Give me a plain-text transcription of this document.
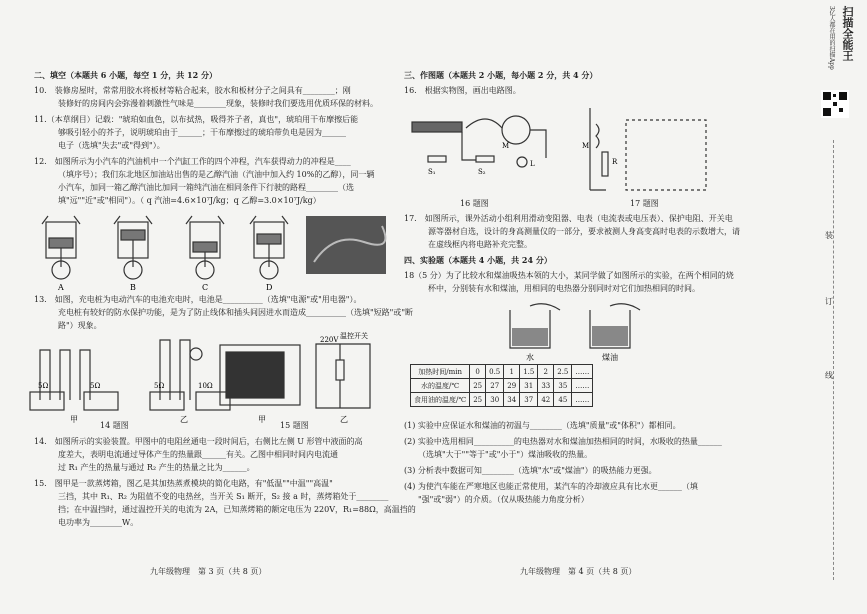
二、填空（本题共 6 小题，每空 1 分，共 12 分）
10.　装修房屋时，常常用胶水将板材等粘合起来，胶水和板材分子之间具有________；刚
装修好的房间内会弥漫着刺激性气味是________现象，装修时我们要选用优质环保的材料。
11.（本草纲目）记载："琥珀如血色，以布拭热，吸得芥子者，真也"，琥珀用干布摩擦后能
够吸引轻小的芥子，说明琥珀由于______；干布摩擦过的琥珀带负电是因为______
电子（选填"失去"或"得到"）。
12.　如图所示为小汽车的汽油机中一个汽缸工作的四个冲程，汽车获得动力的冲程是____
（填序号）；我们东北地区加油站出售的是乙醇汽油（汽油中加入约 10%的乙醇），同一辆
小汽车，加同一箱乙醇汽油比加同一箱纯汽油在相同条件下行驶的路程________（选
填"远""近"或"相同"）。（ q 汽油=4.6×10⁷J/kg；q 乙醇=3.0×10⁷J/kg）
A	B	C	D
13.　如图，充电桩为电动汽车的电池充电时，电池是__________（选填"电源"或"用电器"）。
充电桩有较好的防水保护功能，是为了防止线体和插头间因进水而造成__________（选填"短路"或"断
路"）现象。
5Ω	5Ω	5Ω	10Ω
220V 温控开关
甲	乙	甲	乙
14 题图	15 题图
14.　如图所示的实验装置。甲图中的电阻丝通电一段时间后，右侧比左侧 U 形管中液面的高
度差大，表明电流通过导体产生的热量跟______有关。乙图中相同时间内电流通
过 R₁ 产生的热量与通过 R₂ 产生的热量之比为______。
15.　图甲是一款蒸烤箱，图乙是其加热蒸煮模块的简化电路，有"低温""中温""高温"
三挡，其中 R₁、R₂ 为阻值不变的电热丝，当开关 S₁ 断开，S₂ 接 a 时，蒸烤箱处于________
挡；在中温挡时，通过温控开关的电流为 2A，已知蒸烤箱的额定电压为 220V，R₁=88Ω，高温挡的
电功率为________W。
九年级物理　第 3 页（共 8 页）
三、作图题（本题共 2 小题，每小题 2 分，共 4 分）
16.　根据实物图，画出电路图。
M
S₁	S₂
L
M
R
16 题图	17 题图
17.　如图所示，课外活动小组利用滑动变阻器、电表（电流表或电压表）、保护电阻、开关电
源等器材自选，设计的身高测量仪的一部分，要求被测人身高变高时电表的示数增大，请
在虚线框内将电路补充完整。
四、实验题（本题共 4 小题，共 24 分）
18（5 分）为了比较水和煤油吸热本领的大小，某同学做了如图所示的实验，在两个相同的烧
杯中，分别装有水和煤油，用相同的电热器分别同时对它们加热相同的时间。
水	煤油
加热时间/min	0	0.5	1	1.5	2	2.5	……
水的温度/℃	25	27	29	31	33	35	……
食用油的温度/℃	25	30	34	37	42	45	……
(1) 实验中应保证水和煤油的初温与________（选填"质量"或"体积"）都相同。
(2) 实验中选用相同__________的电热器对水和煤油加热相同的时间，水吸收的热量______
（选填"大于""等于"或"小于"）煤油吸收的热量。
(3) 分析表中数据可知________（选填"水"或"煤油"）的吸热能力更强。
(4) 为使汽车能在严寒地区也能正常使用，某汽车的冷却液应具有比水更______（填
"强"或"弱"）的介质。（仅从吸热能力角度分析）
九年级物理　第 4 页（共 8 页）
扫描全能王
3亿人都在用的扫描App
装
订
线
